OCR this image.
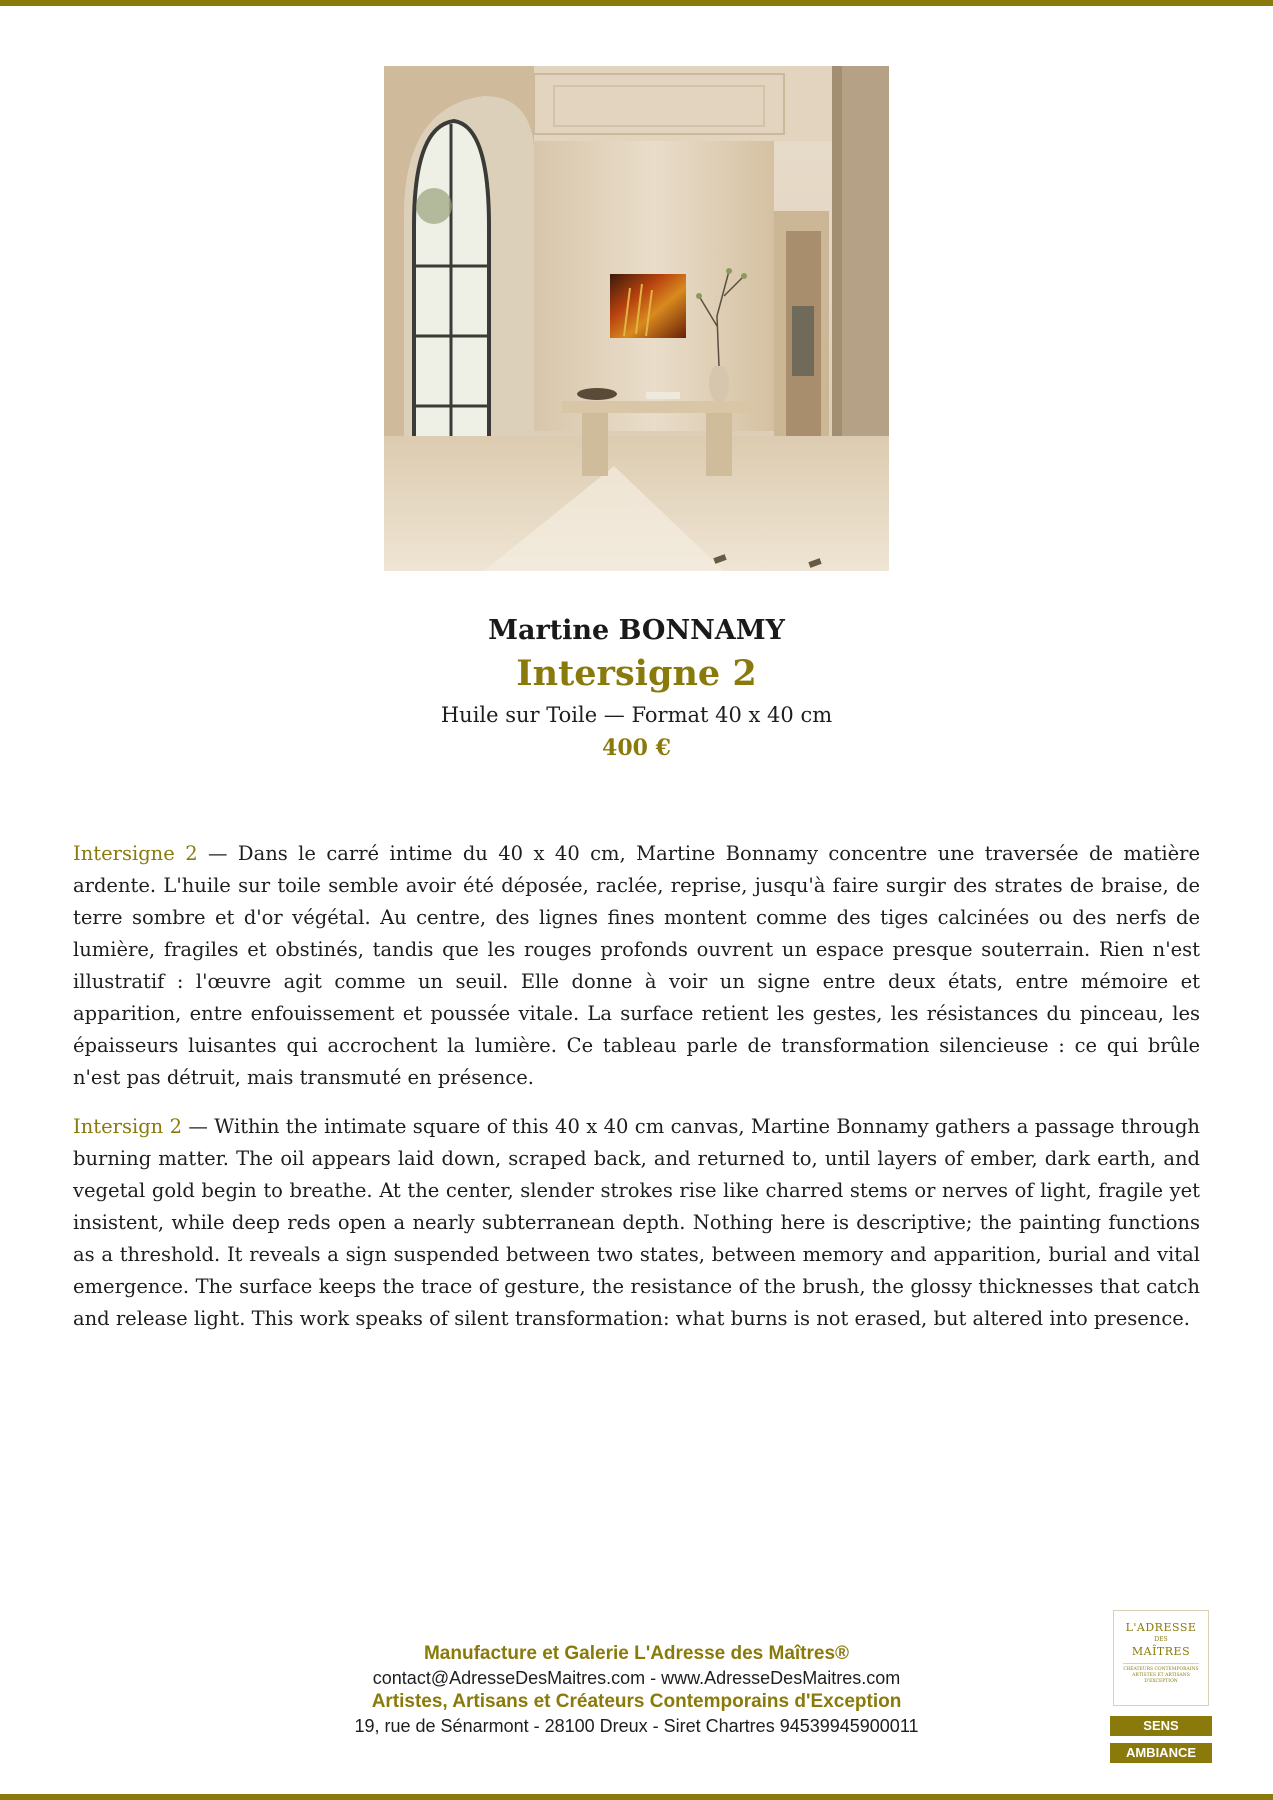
Martine BONNAMY
Intersigne 2
Huile sur Toile — Format 40 x 40 cm
400 €

Intersigne 2 — Dans le carré intime du 40 x 40 cm, Martine Bonnamy concentre une traversée de matière ardente. L'huile sur toile semble avoir été déposée, raclée, reprise, jusqu'à faire surgir des strates de braise, de terre sombre et d'or végétal. Au centre, des lignes fines montent comme des tiges calcinées ou des nerfs de lumière, fragiles et obstinés, tandis que les rouges profonds ouvrent un espace presque souterrain. Rien n'est illustratif : l'œuvre agit comme un seuil. Elle donne à voir un signe entre deux états, entre mémoire et apparition, entre enfouissement et poussée vitale. La surface retient les gestes, les résistances du pinceau, les épaisseurs luisantes qui accrochent la lumière. Ce tableau parle de transformation silencieuse : ce qui brûle n'est pas détruit, mais transmuté en présence.

Intersign 2 — Within the intimate square of this 40 x 40 cm canvas, Martine Bonnamy gathers a passage through burning matter. The oil appears laid down, scraped back, and returned to, until layers of ember, dark earth, and vegetal gold begin to breathe. At the center, slender strokes rise like charred stems or nerves of light, fragile yet insistent, while deep reds open a nearly subterranean depth. Nothing here is descriptive; the painting functions as a threshold. It reveals a sign suspended between two states, between memory and apparition, burial and vital emergence. The surface keeps the trace of gesture, the resistance of the brush, the glossy thicknesses that catch and release light. This work speaks of silent transformation: what burns is not erased, but altered into presence.

Manufacture et Galerie L'Adresse des Maîtres®
contact@AdresseDesMaitres.com - www.AdresseDesMaitres.com
Artistes, Artisans et Créateurs Contemporains d'Exception
19, rue de Sénarmont - 28100 Dreux - Siret Chartres 94539945900011
L'ADRESSE
DES
MAÎTRES
CRÉATEURS CONTEMPORAINS ARTISTES ET ARTISANS D'EXCEPTION
SENS
AMBIANCE
